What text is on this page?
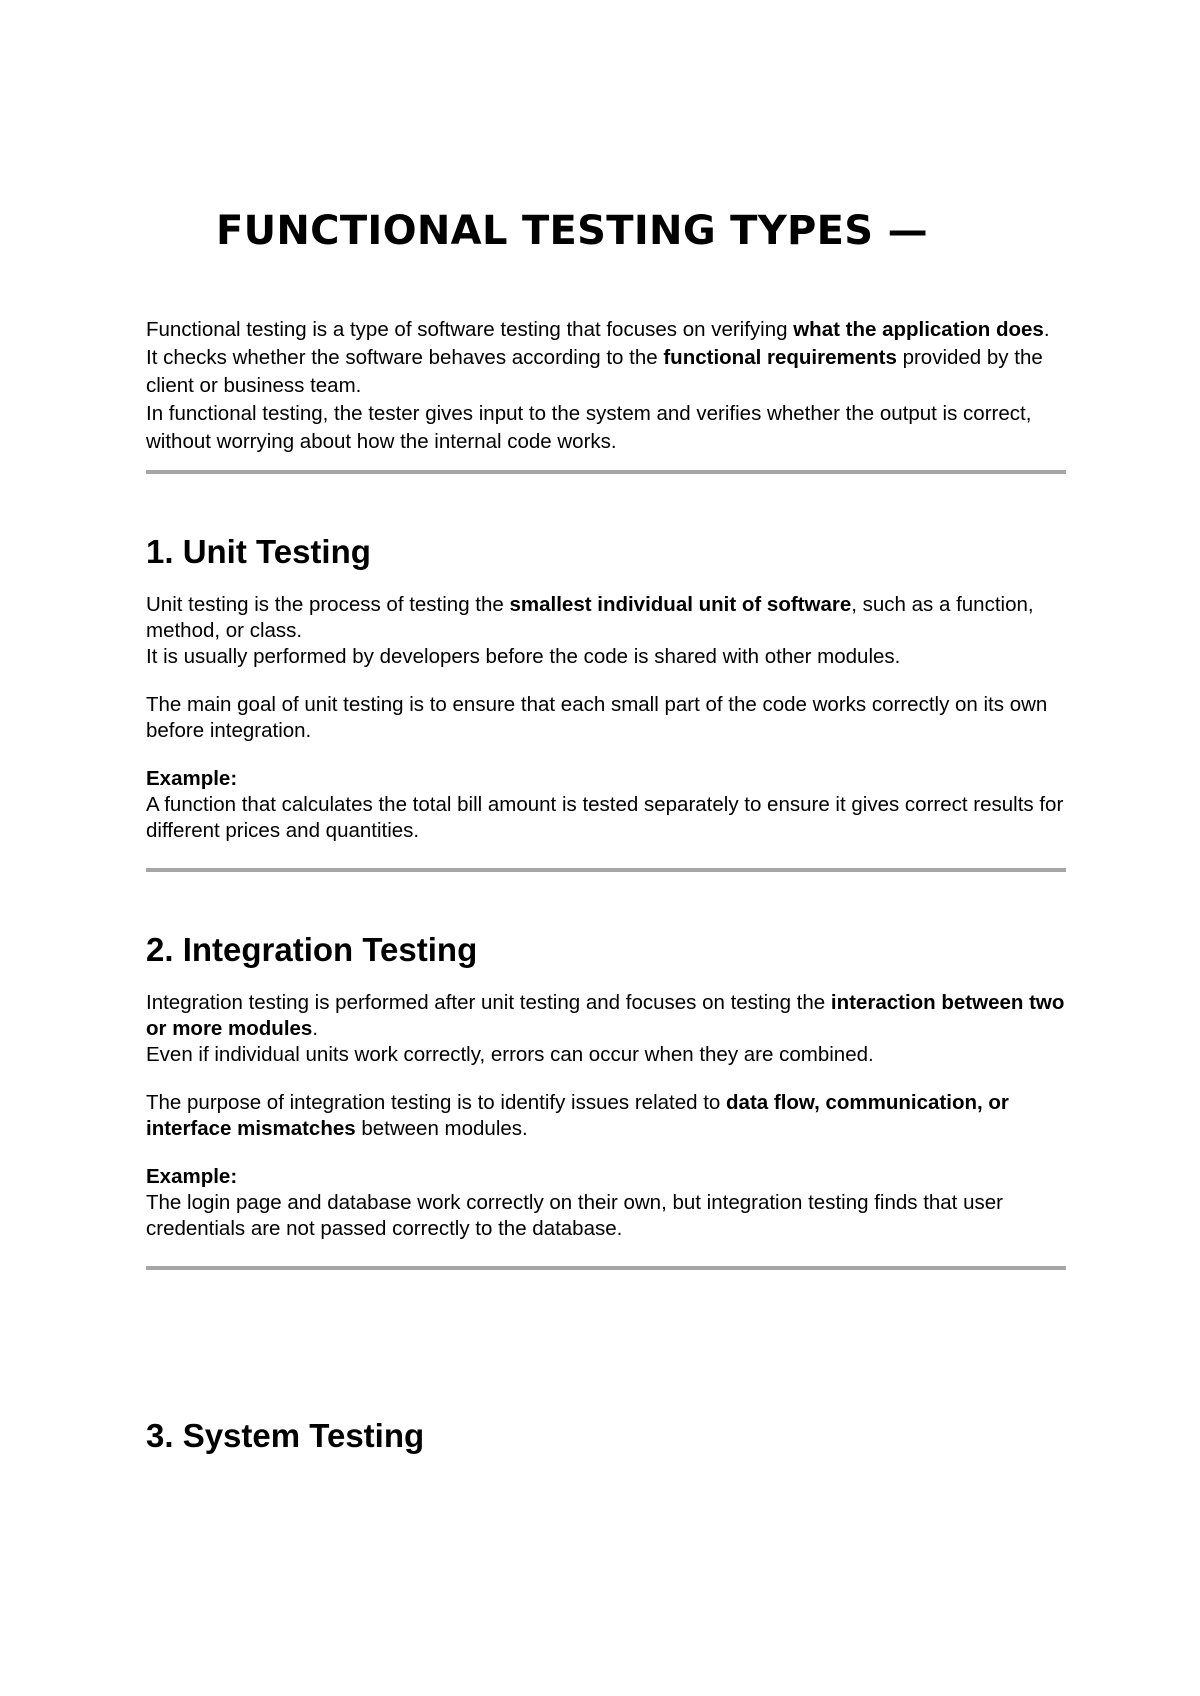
FUNCTIONAL TESTING TYPES —

Functional testing is a type of software testing that focuses on verifying what the application does.

It checks whether the software behaves according to the functional requirements provided by the client or business team.

In functional testing, the tester gives input to the system and verifies whether the output is correct, without worrying about how the internal code works.

1. Unit Testing

Unit testing is the process of testing the smallest individual unit of software, such as a function, method, or class.

It is usually performed by developers before the code is shared with other modules.

The main goal of unit testing is to ensure that each small part of the code works correctly on its own before integration.

Example:

A function that calculates the total bill amount is tested separately to ensure it gives correct results for different prices and quantities.

2. Integration Testing

Integration testing is performed after unit testing and focuses on testing the interaction between two or more modules.

Even if individual units work correctly, errors can occur when they are combined.

The purpose of integration testing is to identify issues related to data flow, communication, or interface mismatches between modules.

Example:

The login page and database work correctly on their own, but integration testing finds that user credentials are not passed correctly to the database.

3. System Testing
